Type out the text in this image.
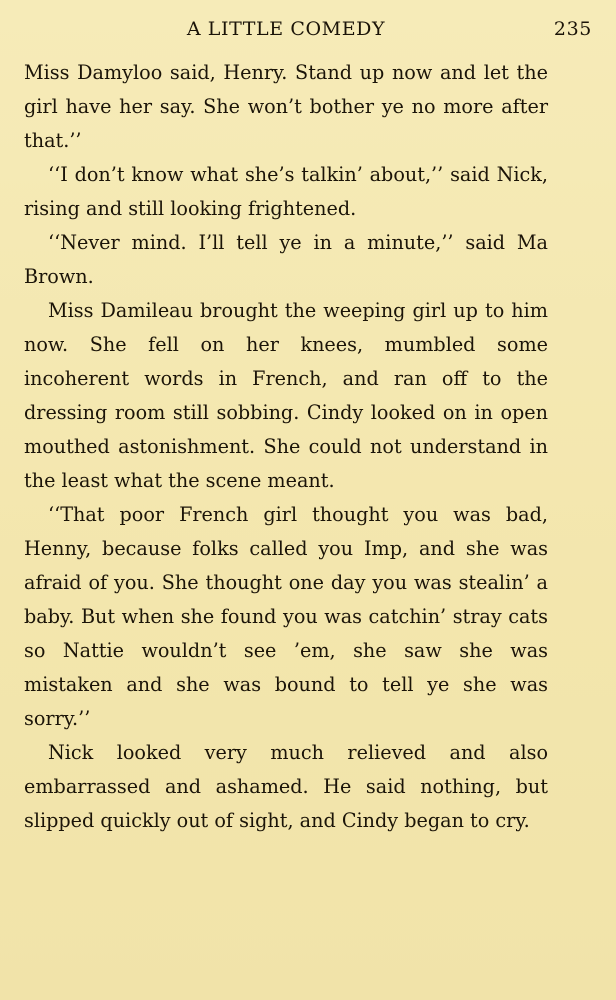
A LITTLE COMEDY	235

Miss Damyloo said, Henry. Stand up now and let the girl have her say. She won’t bother ye no more after that.’’

‘‘I don’t know what she’s talkin’ about,’’ said Nick, rising and still looking frightened.

‘‘Never mind. I’ll tell ye in a minute,’’ said Ma Brown.

Miss Damileau brought the weeping girl up to him now. She fell on her knees, mumbled some incoherent words in French, and ran off to the dressing room still sobbing. Cindy looked on in open mouthed astonishment. She could not understand in the least what the scene meant.

‘‘That poor French girl thought you was bad, Henny, because folks called you Imp, and she was afraid of you. She thought one day you was stealin’ a baby. But when she found you was catchin’ stray cats so Nattie wouldn’t see ’em, she saw she was mistaken and she was bound to tell ye she was sorry.’’

Nick looked very much relieved and also embarrassed and ashamed. He said nothing, but slipped quickly out of sight, and Cindy began to cry.
